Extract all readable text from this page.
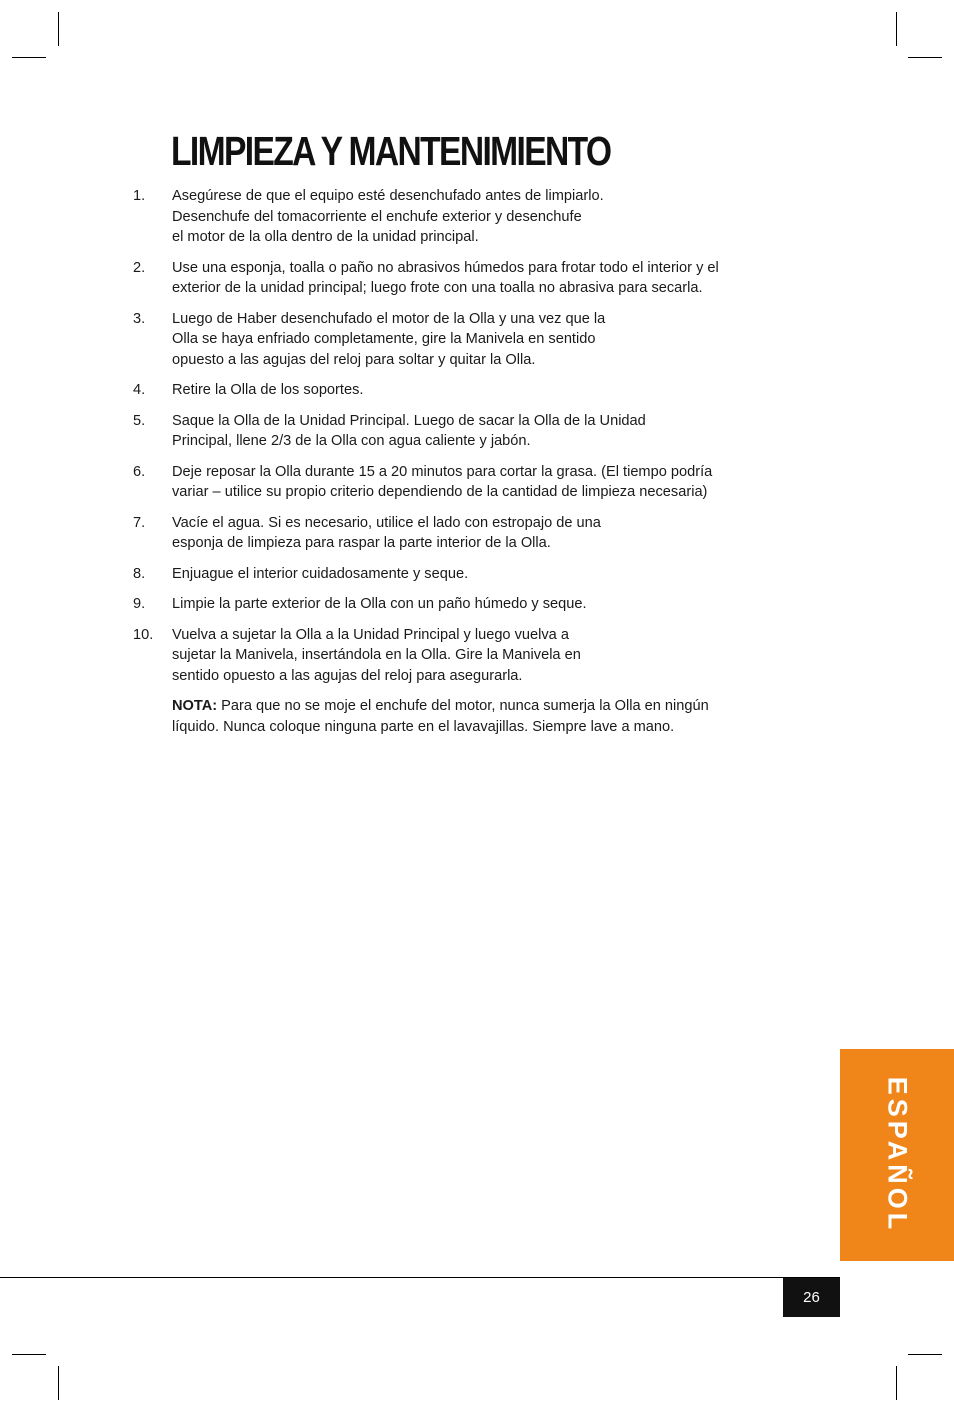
LIMPIEZA Y MANTENIMIENTO
1. Asegúrese de que el equipo esté desenchufado antes de limpiarlo.
Desenchufe del tomacorriente el enchufe exterior y desenchufe
el motor de la olla dentro de la unidad principal.
2. Use una esponja, toalla o paño no abrasivos húmedos para frotar todo el interior y el
exterior de la unidad principal; luego frote con una toalla no abrasiva para secarla.
3. Luego de Haber desenchufado el motor de la Olla y una vez que la
Olla se haya enfriado completamente, gire la Manivela en sentido
opuesto a las agujas del reloj para soltar y quitar la Olla.
4. Retire la Olla de los soportes.
5. Saque la Olla de la Unidad Principal. Luego de sacar la Olla de la Unidad
Principal, llene 2/3 de la Olla con agua caliente y jabón.
6. Deje reposar la Olla durante 15 a 20 minutos para cortar la grasa. (El tiempo podría
variar – utilice su propio criterio dependiendo de la cantidad de limpieza necesaria)
7. Vacíe el agua. Si es necesario, utilice el lado con estropajo de una
esponja de limpieza para raspar la parte interior de la Olla.
8. Enjuague el interior cuidadosamente y seque.
9. Limpie la parte exterior de la Olla con un paño húmedo y seque.
10. Vuelva a sujetar la Olla a la Unidad Principal y luego vuelva a
sujetar la Manivela, insertándola en la Olla. Gire la Manivela en
sentido opuesto a las agujas del reloj para asegurarla.
NOTA: Para que no se moje el enchufe del motor, nunca sumerja la Olla en ningún
líquido. Nunca coloque ninguna parte en el lavavajillas. Siempre lave a mano.
ESPAÑOL
26
